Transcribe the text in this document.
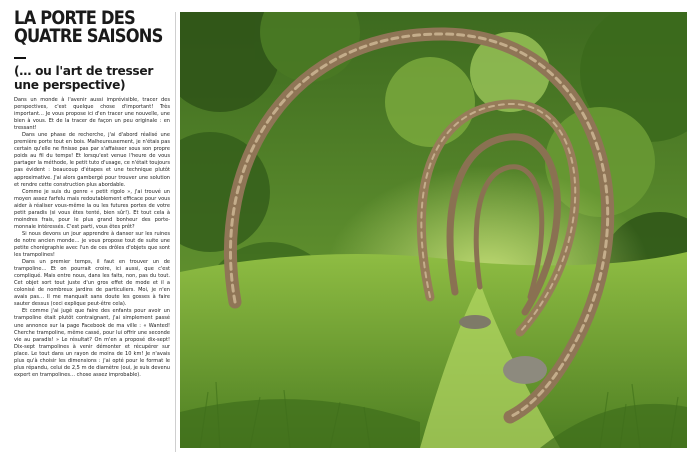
LA PORTE DES
QUATRE SAISONS
(… ou l'art de tresser
une perspective)

Dans un monde à l'avenir aussi imprévisible, tracer des perspectives, c'est quelque chose d'important! Très important… Je vous propose ici d'en tracer une nouvelle, une bien à vous. Et de la tracer de façon un peu originale : en tressant!

Dans une phase de recherche, j'ai d'abord réalisé une première porte tout en bois. Malheureusement, je n'étais pas certain qu'elle ne finisse pas par s'affaisser sous son propre poids au fil du temps! Et lorsqu'est venue l'heure de vous partager la méthode, le petit tuto d'usage, ce n'était toujours pas évident : beaucoup d'étapes et une technique plutôt approximative. J'ai alors gambergé pour trouver une solution et rendre cette construction plus abordable.

Comme je suis du genre « petit rigolo », j'ai trouvé un moyen assez farfelu mais redoutablement efficace pour vous aider à réaliser vous-même la ou les futures portes de votre petit paradis (si vous êtes tenté, bien sûr!). Et tout cela à moindres frais, pour le plus grand bonheur des porte-monnaie intéressés. C'est parti, vous êtes prêt?

Si nous devons un jour apprendre à danser sur les ruines de notre ancien monde… je vous propose tout de suite une petite chorégraphie avec l'un de ces drôles d'objets que sont les trampolines!

Dans un premier temps, il faut en trouver un de trampoline… Et on pourrait croire, ici aussi, que c'est compliqué. Mais entre nous, dans les faits, non, pas du tout. Cet objet sort tout juste d'un gros effet de mode et il a colonisé de nombreux jardins de particuliers. Moi, je n'en avais pas… Il me manquait sans doute les gosses à faire sauter dessus (ceci explique peut-être cela).

Et comme j'ai jugé que faire des enfants pour avoir un trampoline était plutôt contraignant, j'ai simplement passé une annonce sur la page Facebook de ma ville : « Wanted! Cherche trampoline, même cassé, pour lui offrir une seconde vie au paradis! » Le résultat? On m'en a proposé dix-sept! Dix-sept trampolines à venir démonter et récupérer sur place. Le tout dans un rayon de moins de 10 km! Je n'avais plus qu'à choisir les dimensions : j'ai opté pour le format le plus répandu, celui de 2,5 m de diamètre (oui, je suis devenu expert en trampolines… chose assez improbable).
